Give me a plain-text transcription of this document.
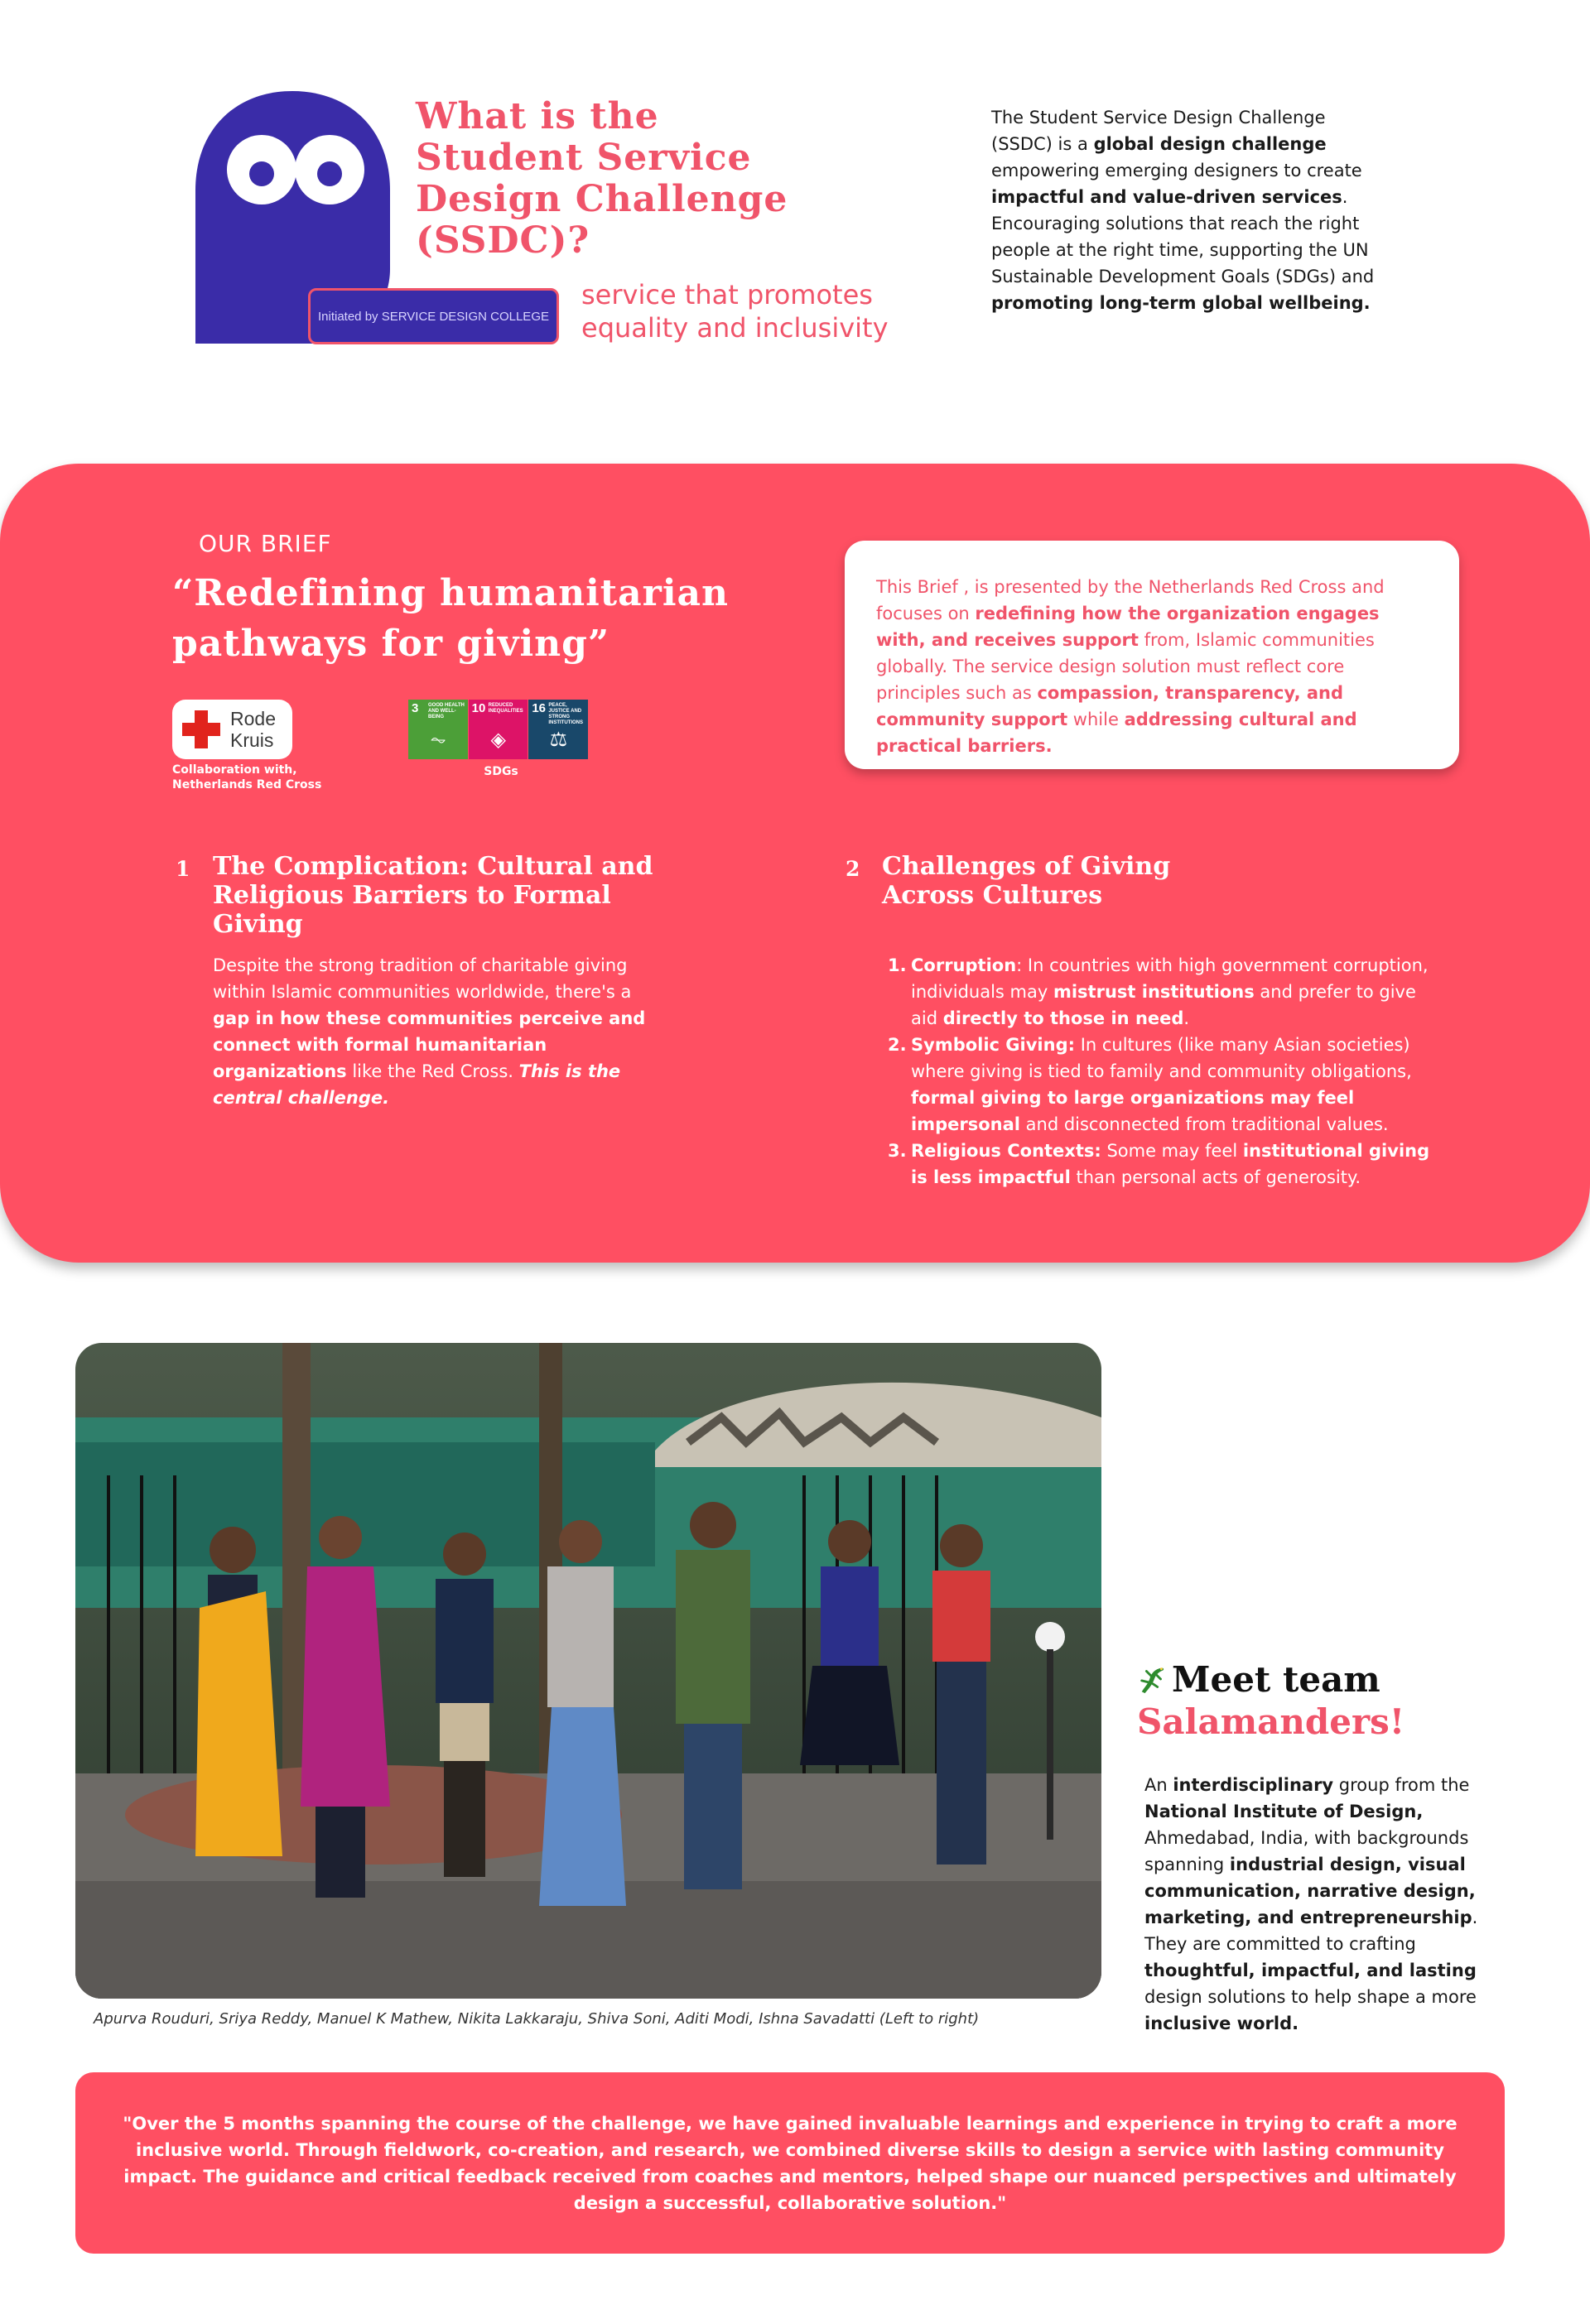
What is the
Student Service
Design Challenge
(SSDC)?
Initiated by SERVICE DESIGN COLLEGE
service that promotes
equality and inclusivity
The Student Service Design Challenge (SSDC) is a global design challenge empowering emerging designers to create impactful and value-driven services. Encouraging solutions that reach the right people at the right time, supporting the UN Sustainable Development Goals (SDGs) and promoting long-term global wellbeing.
OUR BRIEF
“Redefining humanitarian
pathways for giving”
Rode
Kruis
Collaboration with,
Netherlands Red Cross
3 GOOD HEALTH AND WELL-BEING
⏦
10 REDUCED INEQUALITIES
◈
16 PEACE, JUSTICE AND STRONG INSTITUTIONS
⚖
SDGs
This Brief , is presented by the Netherlands Red Cross and focuses on redefining how the organization engages with, and receives support from, Islamic communities globally. The service design solution must reflect core principles such as compassion, transparency, and community support while addressing cultural and practical barriers.
1 The Complication: Cultural and
Religious Barriers to Formal Giving
Despite the strong tradition of charitable giving within Islamic communities worldwide, there's a gap in how these communities perceive and connect with formal humanitarian organizations like the Red Cross. This is the central challenge.
2 Challenges of Giving
Across Cultures
1. Corruption: In countries with high government corruption, individuals may mistrust institutions and prefer to give aid directly to those in need.
2. Symbolic Giving: In cultures (like many Asian societies) where giving is tied to family and community obligations, formal giving to large organizations may feel impersonal and disconnected from traditional values.
3. Religious Contexts: Some may feel institutional giving is less impactful than personal acts of generosity.
Apurva Rouduri, Sriya Reddy, Manuel K Mathew, Nikita Lakkaraju, Shiva Soni, Aditi Modi, Ishna Savadatti (Left to right)
Meet team
Salamanders!
An interdisciplinary group from the National Institute of Design, Ahmedabad, India, with backgrounds spanning industrial design, visual communication, narrative design, marketing, and entrepreneurship. They are committed to crafting thoughtful, impactful, and lasting design solutions to help shape a more inclusive world.
"Over the 5 months spanning the course of the challenge, we have gained invaluable learnings and experience in trying to craft a more inclusive world. Through fieldwork, co-creation, and research, we combined diverse skills to design a service with lasting community impact. The guidance and critical feedback received from coaches and mentors, helped shape our nuanced perspectives and ultimately design a successful, collaborative solution."
